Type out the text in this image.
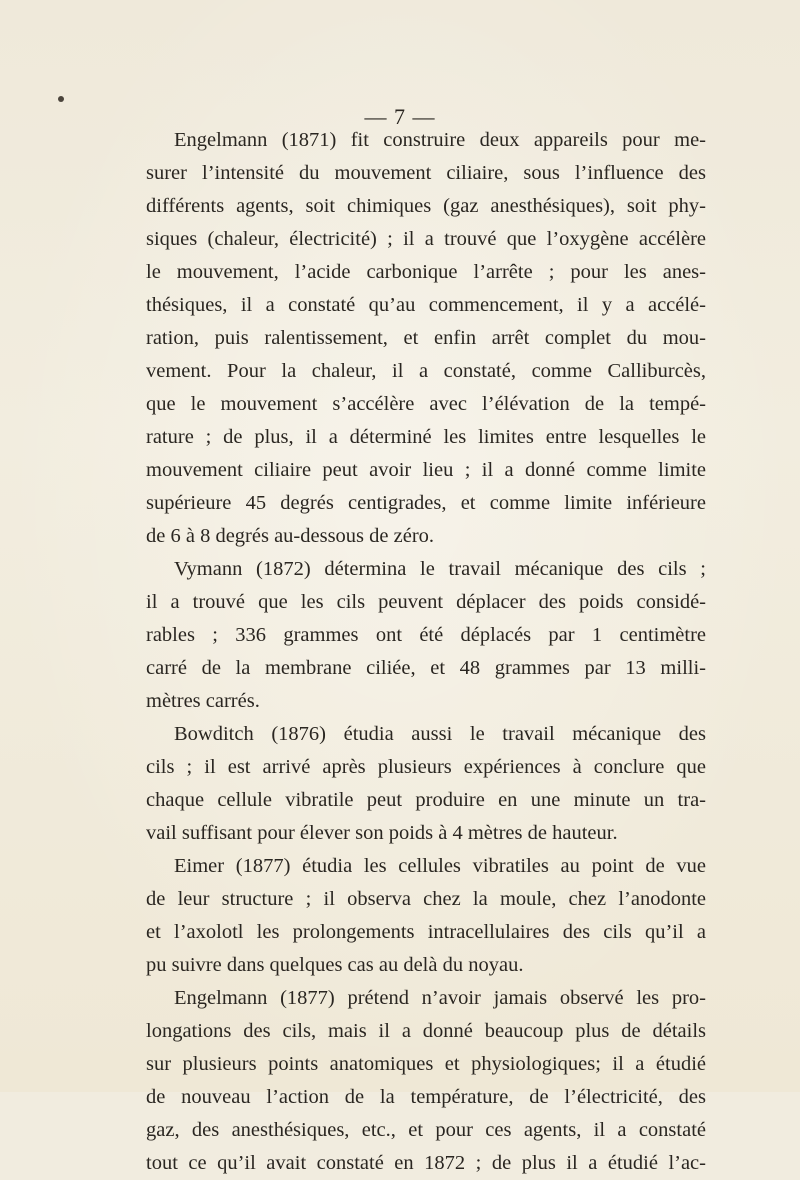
— 7 —
Engelmann (1871) fit construire deux appareils pour me-
surer l’intensité du mouvement ciliaire, sous l’influence des
différents agents, soit chimiques (gaz anesthésiques), soit phy-
siques (chaleur, électricité) ; il a trouvé que l’oxygène accélère
le mouvement, l’acide carbonique l’arrête ; pour les anes-
thésiques, il a constaté qu’au commencement, il y a accélé-
ration, puis ralentissement, et enfin arrêt complet du mou-
vement. Pour la chaleur, il a constaté, comme Calliburcès,
que le mouvement s’accélère avec l’élévation de la tempé-
rature ; de plus, il a déterminé les limites entre lesquelles le
mouvement ciliaire peut avoir lieu ; il a donné comme limite
supérieure 45 degrés centigrades, et comme limite inférieure
de 6 à 8 degrés au-dessous de zéro.
Vymann (1872) détermina le travail mécanique des cils ;
il a trouvé que les cils peuvent déplacer des poids considé-
rables ; 336 grammes ont été déplacés par 1 centimètre
carré de la membrane ciliée, et 48 grammes par 13 milli-
mètres carrés.
Bowditch (1876) étudia aussi le travail mécanique des
cils ; il est arrivé après plusieurs expériences à conclure que
chaque cellule vibratile peut produire en une minute un tra-
vail suffisant pour élever son poids à 4 mètres de hauteur.
Eimer (1877) étudia les cellules vibratiles au point de vue
de leur structure ; il observa chez la moule, chez l’anodonte
et l’axolotl les prolongements intracellulaires des cils qu’il a
pu suivre dans quelques cas au delà du noyau.
Engelmann (1877) prétend n’avoir jamais observé les pro-
longations des cils, mais il a donné beaucoup plus de détails
sur plusieurs points anatomiques et physiologiques; il a étudié
de nouveau l’action de la température, de l’électricité, des
gaz, des anesthésiques, etc., et pour ces agents, il a constaté
tout ce qu’il avait constaté en 1872 ; de plus il a étudié l’ac-
